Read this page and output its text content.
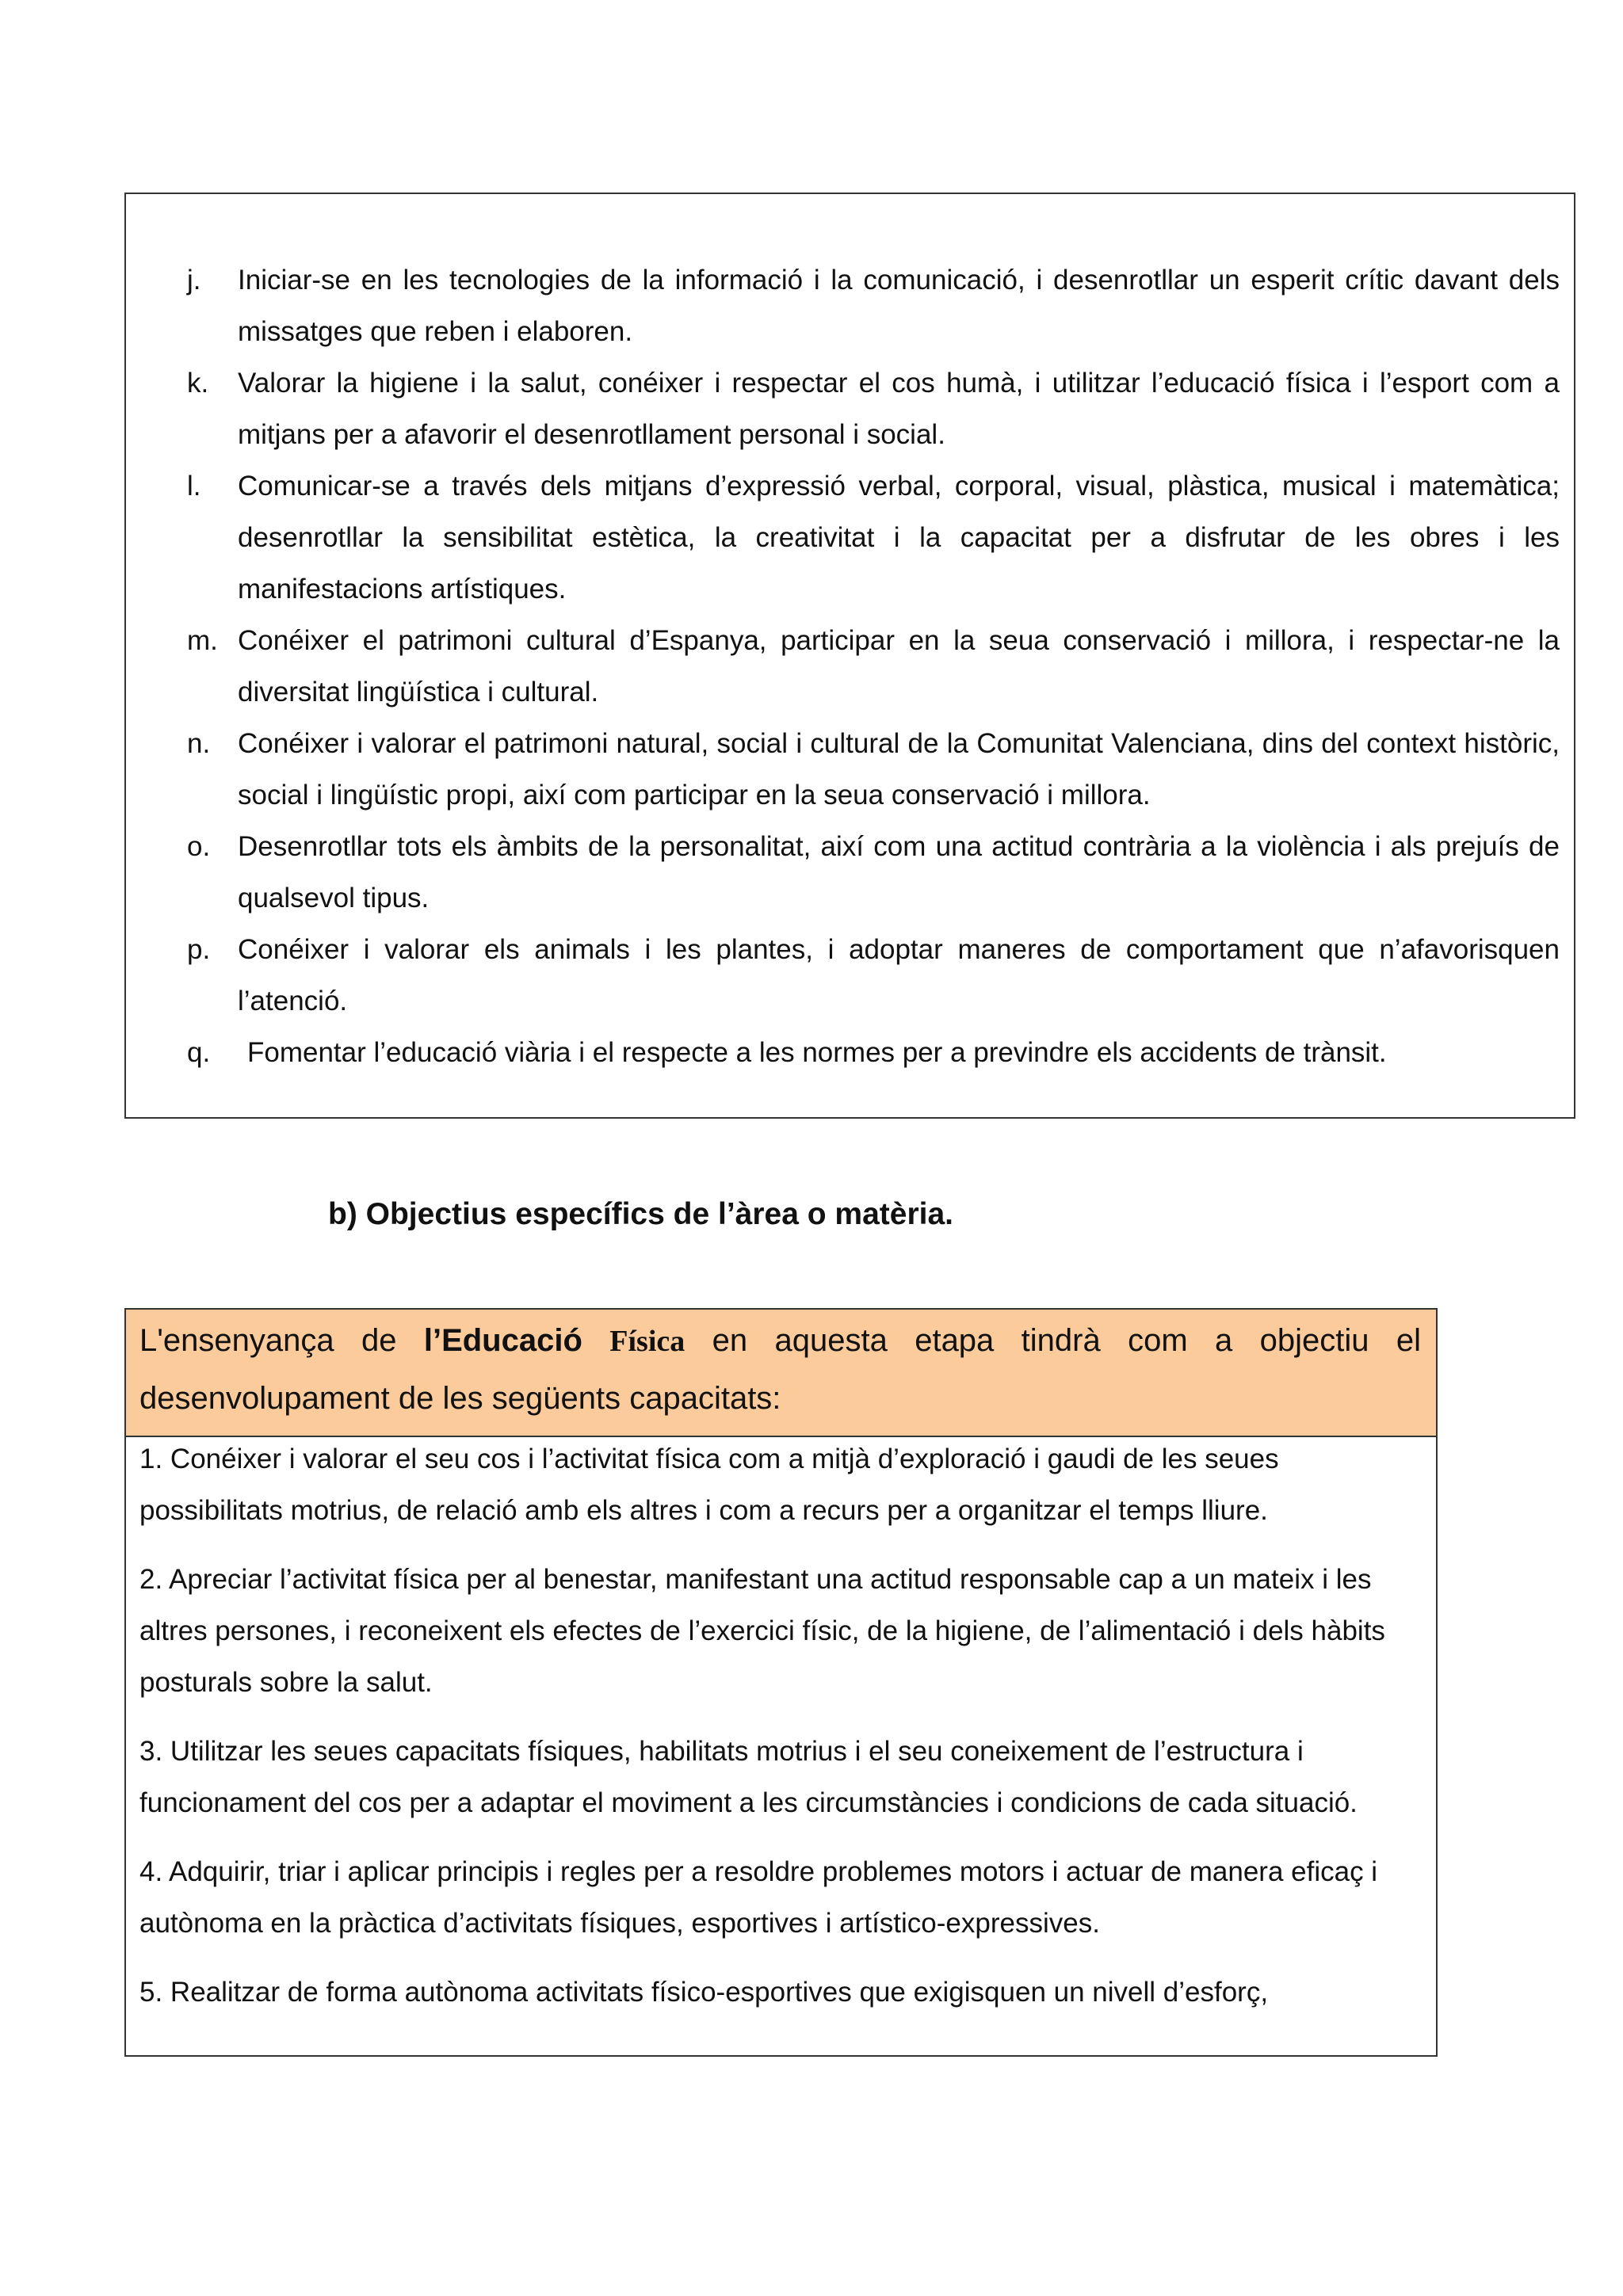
j. Iniciar-se en les tecnologies de la informació i la comunicació, i desenrotllar un esperit crític davant dels missatges que reben i elaboren.
k. Valorar la higiene i la salut, conéixer i respectar el cos humà, i utilitzar l’educació física i l’esport com a mitjans per a afavorir el desenrotllament personal i social.
l. Comunicar-se a través dels mitjans d’expressió verbal, corporal, visual, plàstica, musical i matemàtica; desenrotllar la sensibilitat estètica, la creativitat i la capacitat per a disfrutar de les obres i les manifestacions artístiques.
m. Conéixer el patrimoni cultural d’Espanya, participar en la seua conservació i millora, i respectar-ne la diversitat lingüística i cultural.
n. Conéixer i valorar el patrimoni natural, social i cultural de la Comunitat Valenciana, dins del context històric, social i lingüístic propi, així com participar en la seua conservació i millora.
o. Desenrotllar tots els àmbits de la personalitat, així com una actitud contrària a la violència i als prejuís de qualsevol tipus.
p. Conéixer i valorar els animals i les plantes, i adoptar maneres de comportament que n’afavorisquen l’atenció.
q. Fomentar l’educació viària i el respecte a les normes per a previndre els accidents de trànsit.
b) Objectius específics de l’àrea o matèria.
L'ensenyança de l’Educació Física en aquesta etapa tindrà com a objectiu el desenvolupament de les següents capacitats:
1. Conéixer i valorar el seu cos i l’activitat física com a mitjà d’exploració i gaudi de les seues possibilitats motrius, de relació amb els altres i com a recurs per a organitzar el temps lliure.
2. Apreciar l’activitat física per al benestar, manifestant una actitud responsable cap a un mateix i les altres persones, i reconeixent els efectes de l’exercici físic, de la higiene, de l’alimentació i dels hàbits posturals sobre la salut.
3. Utilitzar les seues capacitats físiques, habilitats motrius i el seu coneixement de l’estructura i funcionament del cos per a adaptar el moviment a les circumstàncies i condicions de cada situació.
4. Adquirir, triar i aplicar principis i regles per a resoldre problemes motors i actuar de manera eficaç i autònoma en la pràctica d’activitats físiques, esportives i artístico-expressives.
5. Realitzar de forma autònoma activitats físico-esportives que exigisquen un nivell d’esforç,
